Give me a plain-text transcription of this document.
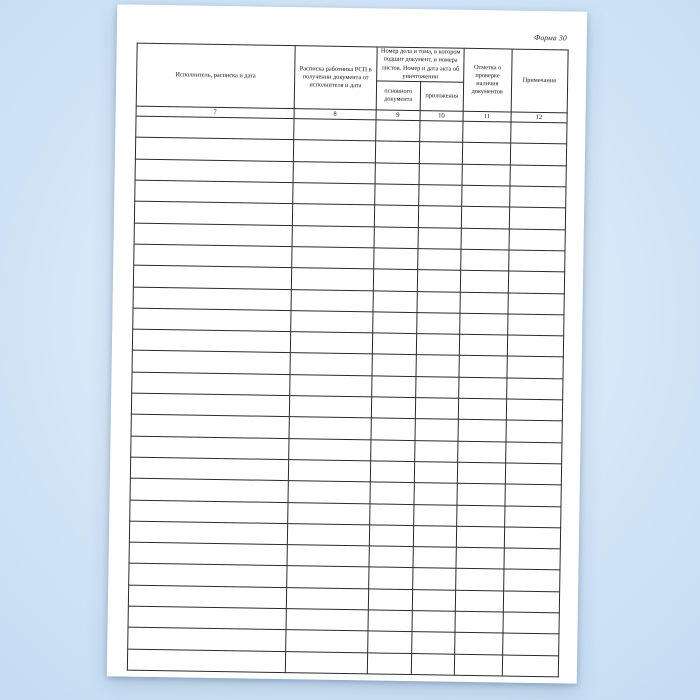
Форма 30
Исполнитель, расписка и дата	Расписка работника РСП в получении документа от исполнителя и дата	Номер дела и тома, в котором подшит документ, и номера листов. Номер и дата акта об уничтожении		Отметка о проверке наличия документов	Примечания
		основного документа	приложения		
7	8	9	10	11	12
